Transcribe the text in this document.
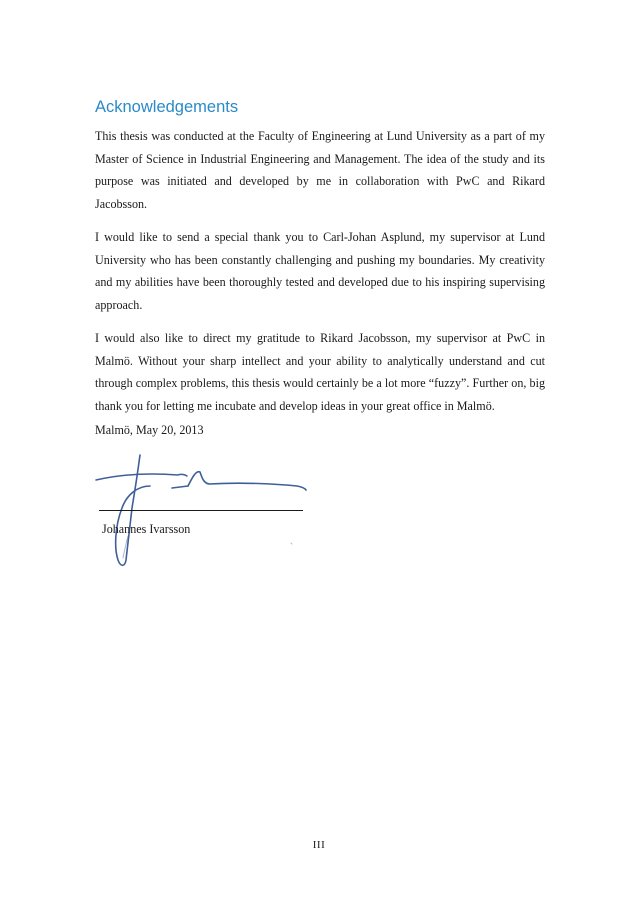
Acknowledgements

This thesis was conducted at the Faculty of Engineering at Lund University as a part of my Master of Science in Industrial Engineering and Management. The idea of the study and its purpose was initiated and developed by me in collaboration with PwC and Rikard Jacobsson.

I would like to send a special thank you to Carl-Johan Asplund, my supervisor at Lund University who has been constantly challenging and pushing my boundaries. My creativity and my abilities have been thoroughly tested and developed due to his inspiring supervising approach.

I would also like to direct my gratitude to Rikard Jacobsson, my supervisor at PwC in Malmö. Without your sharp intellect and your ability to analytically understand and cut through complex problems, this thesis would certainly be a lot more “fuzzy”. Further on, big thank you for letting me incubate and develop ideas in your great office in Malmö.

Malmö, May 20, 2013

Johannes Ivarsson

III
